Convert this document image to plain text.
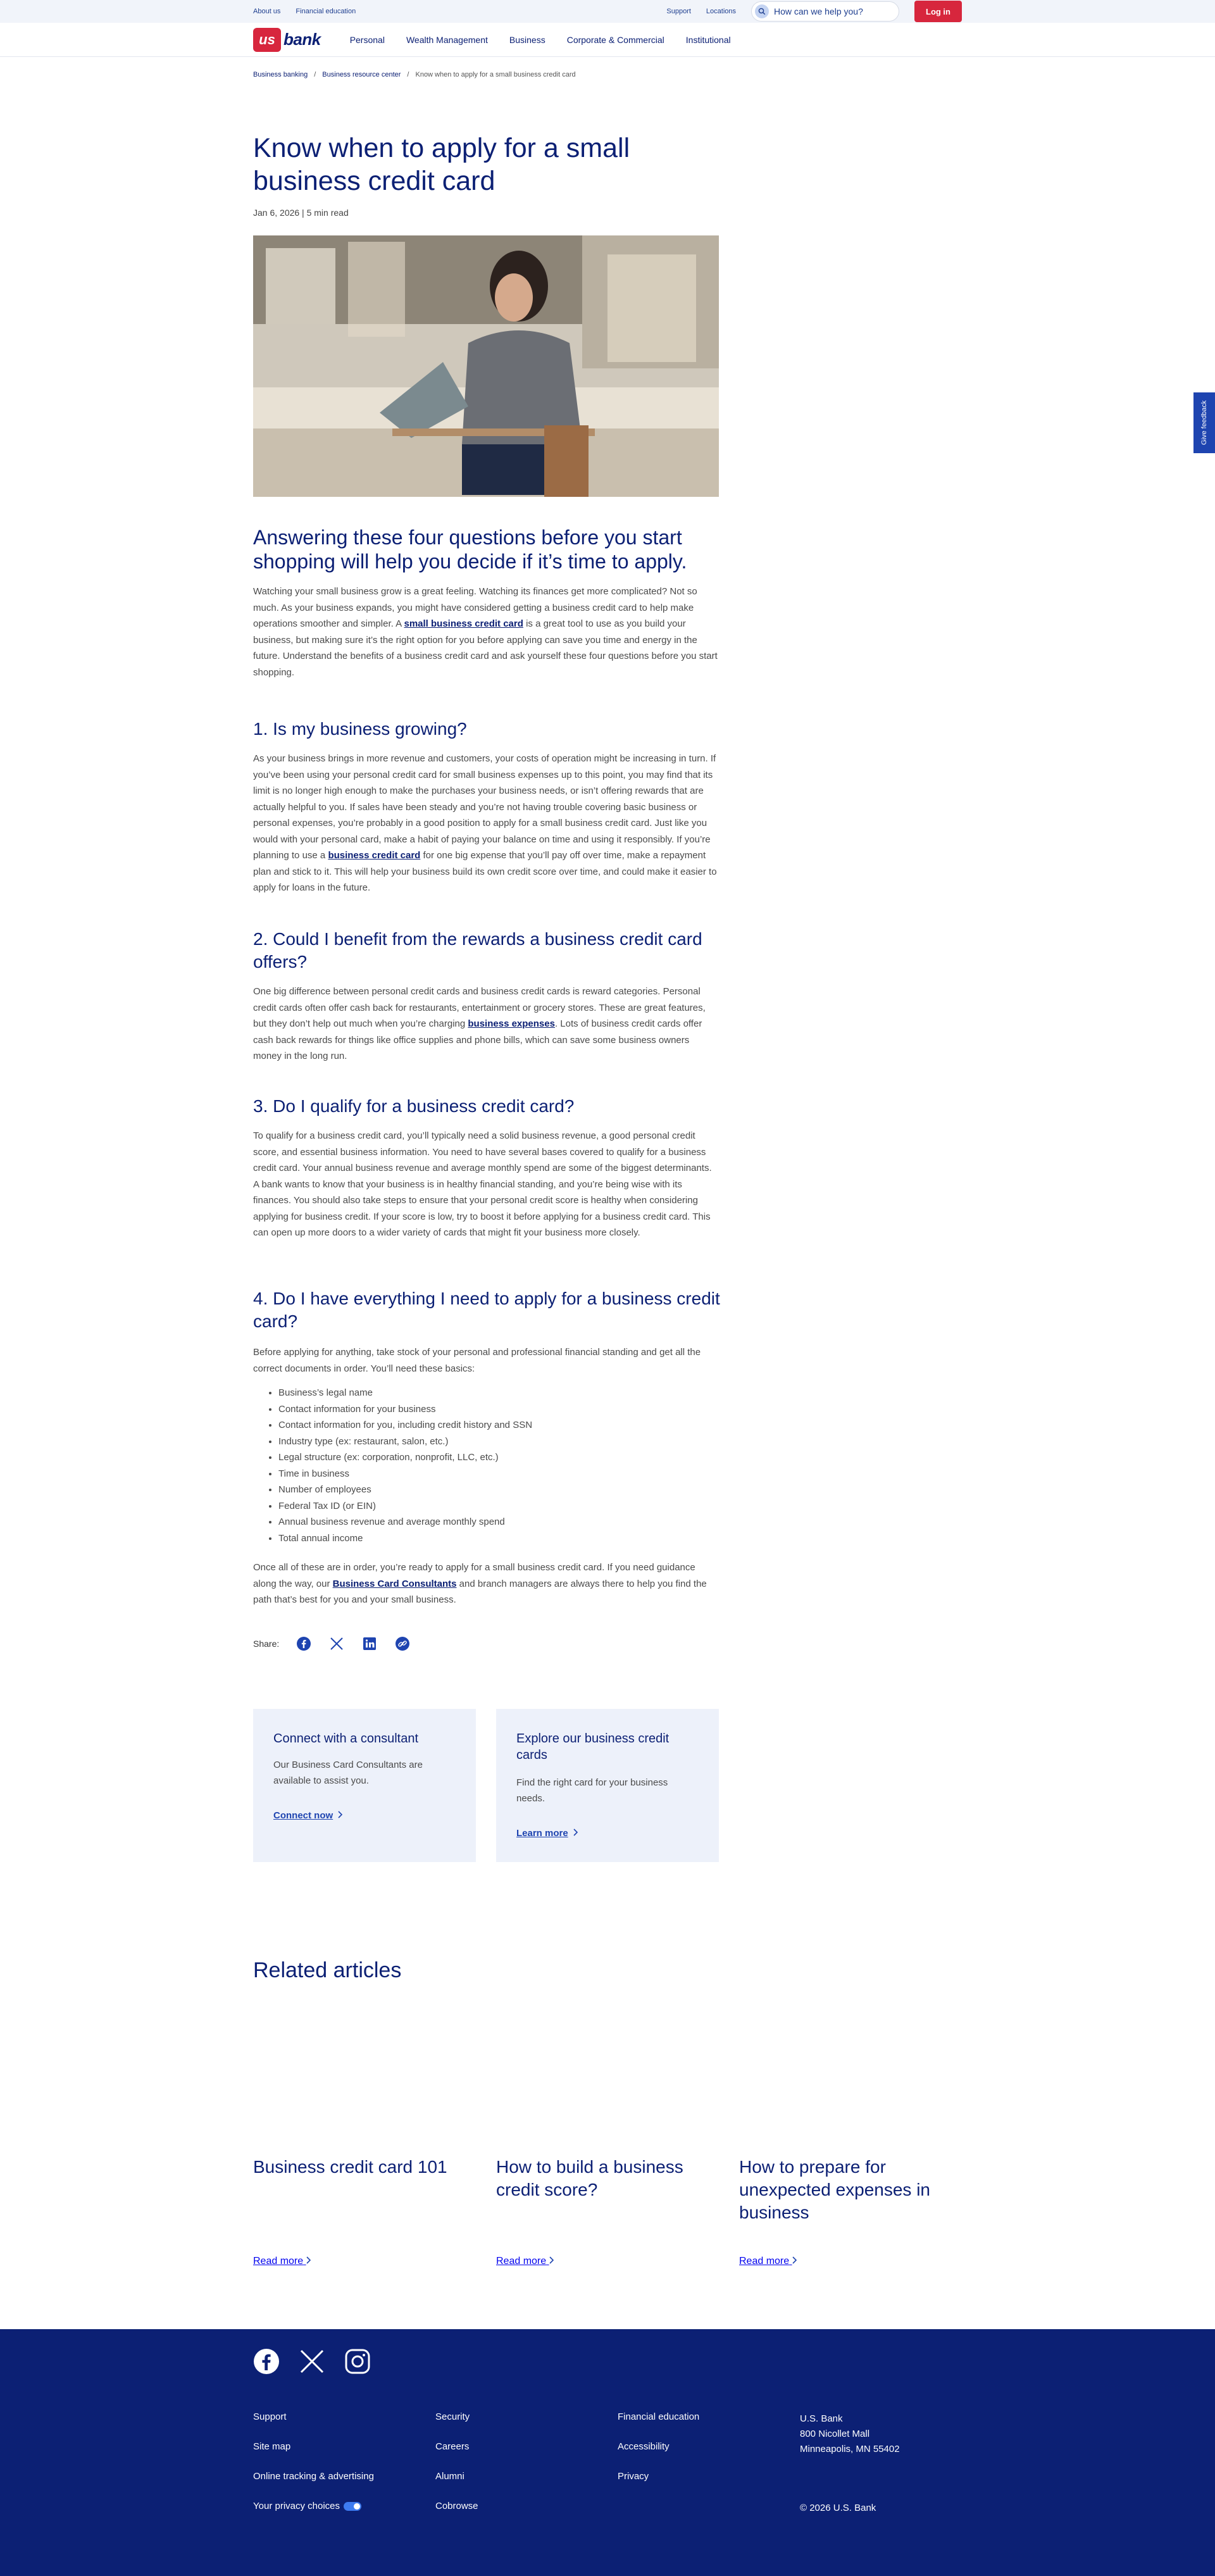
About us Financial education	Support Locations	How can we help you?	Log in
us bank	Personal Wealth Management Business Corporate & Commercial Institutional
Business banking / Business resource center / Know when to apply for a small business credit card
Know when to apply for a small business credit card
Jan 6, 2026 | 5 min read
Answering these four questions before you start shopping will help you decide if it’s time to apply.

Watching your small business grow is a great feeling. Watching its finances get more complicated? Not so much. As your business expands, you might have considered getting a business credit card to help make operations smoother and simpler. A small business credit card is a great tool to use as you build your business, but making sure it’s the right option for you before applying can save you time and energy in the future. Understand the benefits of a business credit card and ask yourself these four questions before you start shopping.

1. Is my business growing?

As your business brings in more revenue and customers, your costs of operation might be increasing in turn. If you’ve been using your personal credit card for small business expenses up to this point, you may find that its limit is no longer high enough to make the purchases your business needs, or isn’t offering rewards that are actually helpful to you. If sales have been steady and you’re not having trouble covering basic business or personal expenses, you’re probably in a good position to apply for a small business credit card. Just like you would with your personal card, make a habit of paying your balance on time and using it responsibly. If you’re planning to use a business credit card for one big expense that you’ll pay off over time, make a repayment plan and stick to it. This will help your business build its own credit score over time, and could make it easier to apply for loans in the future.

2. Could I benefit from the rewards a business credit card offers?

One big difference between personal credit cards and business credit cards is reward categories. Personal credit cards often offer cash back for restaurants, entertainment or grocery stores. These are great features, but they don’t help out much when you’re charging business expenses. Lots of business credit cards offer cash back rewards for things like office supplies and phone bills, which can save some business owners money in the long run.

3. Do I qualify for a business credit card?

To qualify for a business credit card, you’ll typically need a solid business revenue, a good personal credit score, and essential business information. You need to have several bases covered to qualify for a business credit card. Your annual business revenue and average monthly spend are some of the biggest determinants. A bank wants to know that your business is in healthy financial standing, and you’re being wise with its finances. You should also take steps to ensure that your personal credit score is healthy when considering applying for business credit. If your score is low, try to boost it before applying for a business credit card. This can open up more doors to a wider variety of cards that might fit your business more closely.

4. Do I have everything I need to apply for a business credit card?

Before applying for anything, take stock of your personal and professional financial standing and get all the correct documents in order. You’ll need these basics:

• Business’s legal name
• Contact information for your business
• Contact information for you, including credit history and SSN
• Industry type (ex: restaurant, salon, etc.)
• Legal structure (ex: corporation, nonprofit, LLC, etc.)
• Time in business
• Number of employees
• Federal Tax ID (or EIN)
• Annual business revenue and average monthly spend
• Total annual income

Once all of these are in order, you’re ready to apply for a small business credit card. If you need guidance along the way, our Business Card Consultants and branch managers are always there to help you find the path that’s best for you and your small business.

Share:
Connect with a consultant

Our Business Card Consultants are available to assist you.

Connect now
Explore our business credit cards

Find the right card for your business needs.

Learn more
Related articles
Business credit card 101
Read more
How to build a business credit score?
Read more
How to prepare for unexpected expenses in business
Read more
Support
Site map
Online tracking & advertising
Your privacy choices
Security
Careers
Alumni
Cobrowse
Financial education
Accessibility
Privacy
U.S. Bank
800 Nicollet Mall
Minneapolis, MN 55402
© 2026 U.S. Bank
Give feedback
